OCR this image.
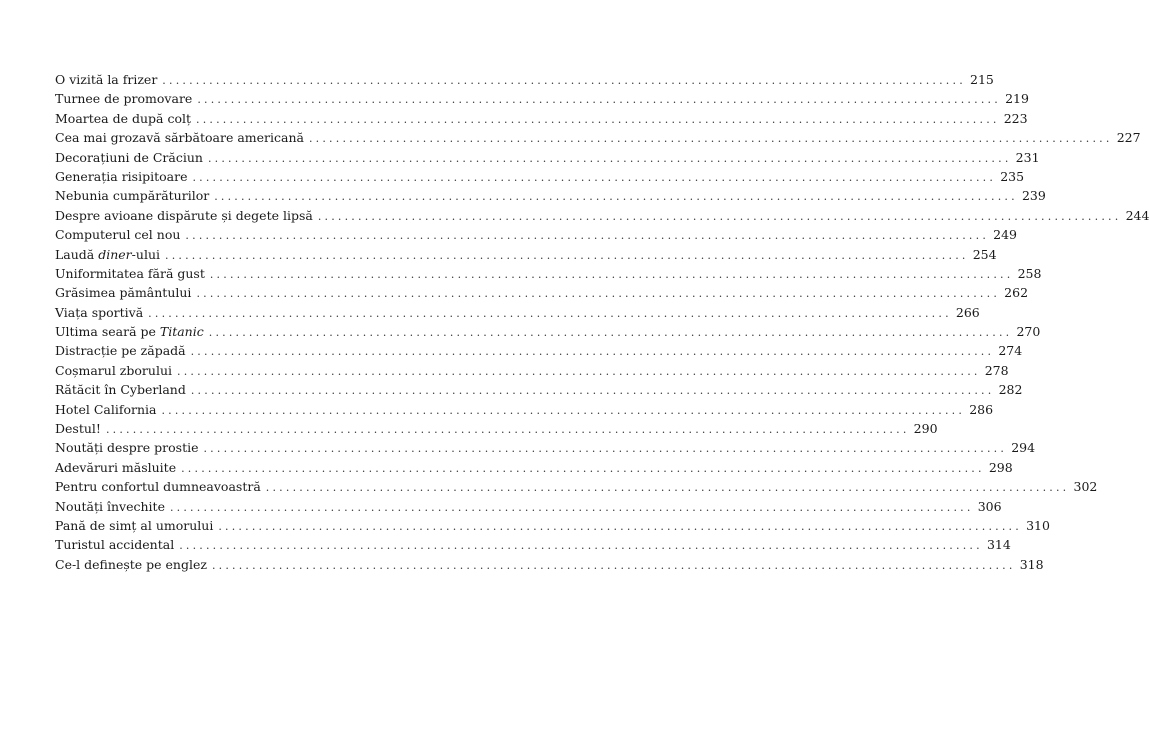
O vizită la frizer ........................................................................................................................ 215
Turnee de promovare ........................................................................................................................ 219
Moartea de după colț ........................................................................................................................ 223
Cea mai grozavă sărbătoare americană ........................................................................................................................ 227
Decorațiuni de Crăciun ........................................................................................................................ 231
Generația risipitoare ........................................................................................................................ 235
Nebunia cumpărăturilor ........................................................................................................................ 239
Despre avioane dispărute și degete lipsă ........................................................................................................................ 244
Computerul cel nou ........................................................................................................................ 249
Laudă diner-ului ........................................................................................................................ 254
Uniformitatea fără gust ........................................................................................................................ 258
Grăsimea pământului ........................................................................................................................ 262
Viața sportivă ........................................................................................................................ 266
Ultima seară pe Titanic ........................................................................................................................ 270
Distracție pe zăpadă ........................................................................................................................ 274
Coșmarul zborului ........................................................................................................................ 278
Rătăcit în Cyberland ........................................................................................................................ 282
Hotel California ........................................................................................................................ 286
Destul! ........................................................................................................................ 290
Noutăți despre prostie ........................................................................................................................ 294
Adevăruri măsluite ........................................................................................................................ 298
Pentru confortul dumneavoastră ........................................................................................................................ 302
Noutăți învechite ........................................................................................................................ 306
Pană de simț al umorului ........................................................................................................................ 310
Turistul accidental ........................................................................................................................ 314
Ce-l definește pe englez ........................................................................................................................ 318
